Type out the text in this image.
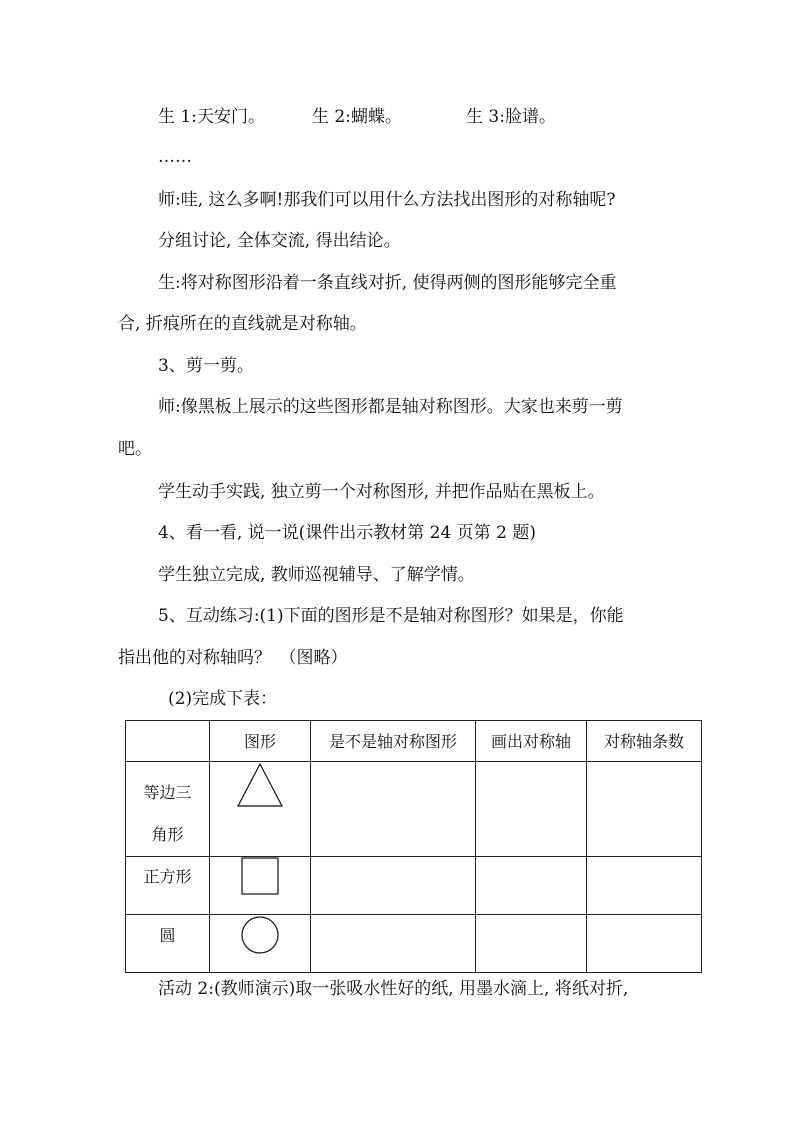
生 1:天安门。	生 2:蝴蝶。	生 3:脸谱。
……
师:哇, 这么多啊!那我们可以用什么方法找出图形的对称轴呢?
分组讨论, 全体交流, 得出结论。
生:将对称图形沿着一条直线对折, 使得两侧的图形能够完全重
合, 折痕所在的直线就是对称轴。
3、剪一剪。
师:像黑板上展示的这些图形都是轴对称图形。大家也来剪一剪
吧。
学生动手实践, 独立剪一个对称图形, 并把作品贴在黑板上。
4、看一看, 说一说(课件出示教材第 24 页第 2 题)
学生独立完成, 教师巡视辅导、了解学情。
5、互动练习:(1)下面的图形是不是轴对称图形？如果是，你能
指出他的对称轴吗？　（图略）
(2)完成下表：

	图形	是不是轴对称图形	画出对称轴	对称轴条数

等边三
角形

正方形

圆

活动 2:(教师演示)取一张吸水性好的纸, 用墨水滴上, 将纸对折,
